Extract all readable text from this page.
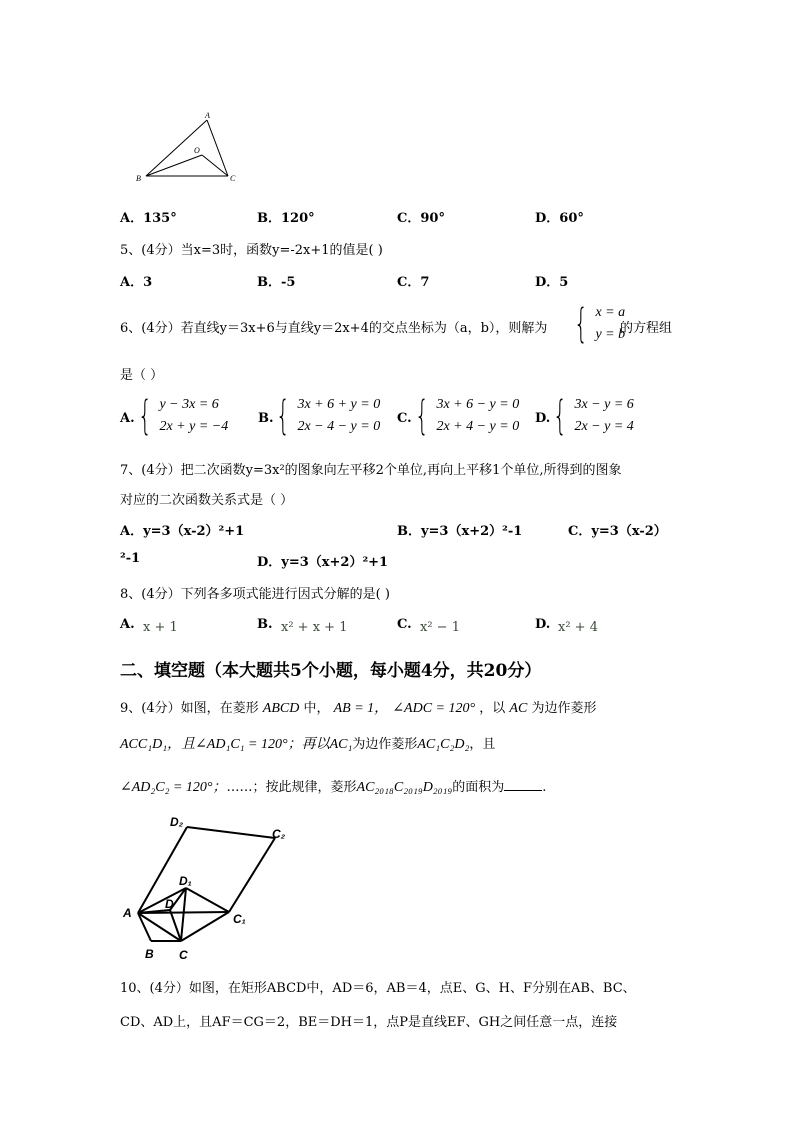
A
B	C
O
A．135°	B．120°	C．90°	D．60°
5、(4分）当x=3时，函数y=-2x+1的值是( )
A．3	B．-5	C．7	D．5
6、(4分）若直线y＝3x+6与直线y＝2x+4的交点坐标为（a，b），则解为 { x = a
y = b
的方程组
是（ ）
A. { y − 3x = 6
2x + y = −4
B. { 3x + 6 + y = 0
2x − 4 − y = 0
C. { 3x + 6 − y = 0
2x + 4 − y = 0
D. { 3x − y = 6
2x − y = 4
7、(4分）把二次函数y=3x²的图象向左平移2个单位,再向上平移1个单位,所得到的图象
对应的二次函数关系式是（ ）
A．y=3（x-2）²+1	B．y=3（x+2）²-1	C．y=3（x-2）
²-1	D．y=3（x+2）²+1
8、(4分）下列各多项式能进行因式分解的是( )
A. x + 1	B. x² + x + 1	C. x² − 1	D. x² + 4
二、填空题（本大题共5个小题，每小题4分，共20分）
9、(4分）如图，在菱形 ABCD 中， AB = 1， ∠ADC = 120° ，以 AC 为边作菱形
ACC₁D₁，且∠AD₁C₁ = 120°；再以AC₁为边作菱形AC₁C₂D₂，且
∠AD₂C₂ = 120°；……；按此规律，菱形AC₂₀₁₈C₂₀₁₉D₂₀₁₉的面积为	.
D₂
C₂
D₁
D
A	C₁
B C
10、(4分）如图，在矩形ABCD中，AD＝6，AB＝4，点E、G、H、F分别在AB、BC、
CD、AD上，且AF＝CG＝2，BE＝DH＝1，点P是直线EF、GH之间任意一点，连接
